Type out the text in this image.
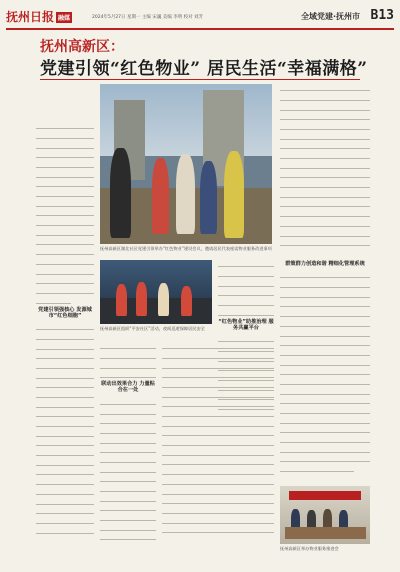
抚州日报 融媒	2024年5月27日 星期一 主编 宋巍 美编 李明 校对 刘芳	全域党建·抚州市 B13
抚州高新区：
党建引领“红色物业” 居民生活“幸福满格”
党建引领强核心 发源城市“红色细胞”
抚州高新区湖北社区党建引领举办“红色物业”建设会议，邀请居民代表座谈物业服务改进事项
抚州高新区组织“平安社区”活动，夜间巡逻保障居民安全
“红色物业”助推治理 服务共赢平台
群策群力创造和谐 精细化管理系统
联动出效果合力 力量粘合在一处
抚州高新区举办物业服务推进会
